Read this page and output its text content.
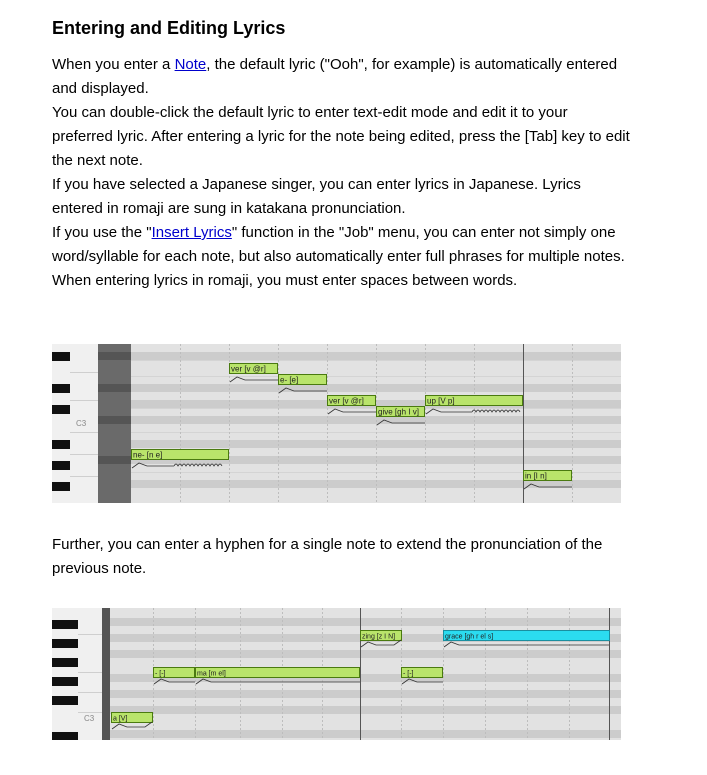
Entering and Editing Lyrics

When you enter a Note, the default lyric ("Ooh", for example) is automatically entered and displayed.

You can double-click the default lyric to enter text-edit mode and edit it to your preferred lyric. After entering a lyric for the note being edited, press the [Tab] key to edit the next note.

If you have selected a Japanese singer, you can enter lyrics in Japanese. Lyrics entered in romaji are sung in katakana pronunciation.

If you use the "Insert Lyrics" function in the "Job" menu, you can enter not simply one word/syllable for each note, but also automatically enter full phrases for multiple notes. When entering lyrics in romaji, you must enter spaces between words.

C3
ne- [n e]
ver [v @r]
e- [e]
ver [v @r]
give [gh I v]
up [V p]
in [I n]

Further, you can enter a hyphen for a single note to extend the pronunciation of the previous note.

C3	a [V]
- [-]	ma [m el]
zing [z I N]
- [-]
grace [gh r el s]
